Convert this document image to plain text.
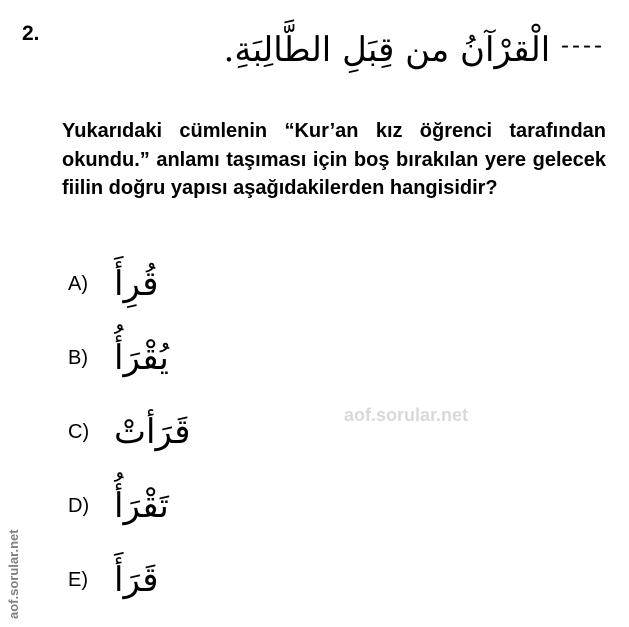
2.	---- الْقرْآنُ من قِبَلِ الطَّالِبَةِ.
Yukarıdaki cümlenin “Kur’an kız öğrenci tarafından okundu.” anlamı taşıması için boş bırakılan yere gelecek fiilin doğru yapısı aşağıdakilerden hangisidir?
A) قُرِأَ
B) يُقْرَأُ
C) قَرَأتْ
D) تَقْرَأُ
E) قَرَأَ
aof.sorular.net
aof.sorular.net
